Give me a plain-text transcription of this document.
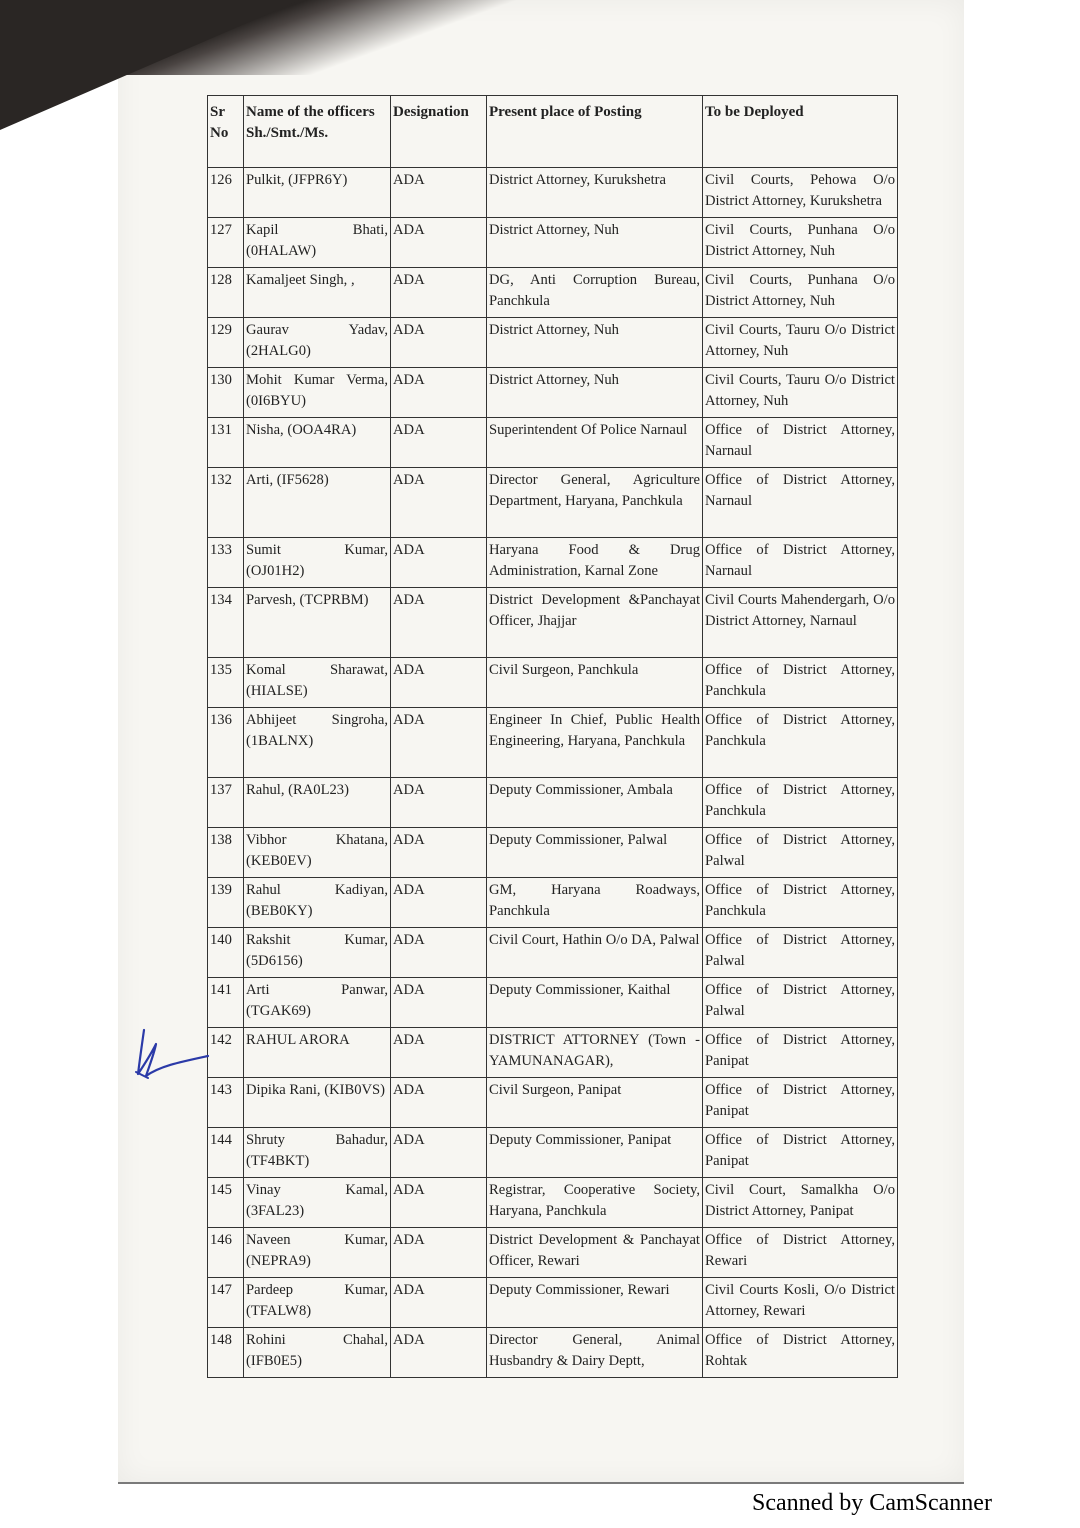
Sr No	Name of the officers Sh./Smt./Ms.	Designation	Present place of Posting	To be Deployed
126	Pulkit, (JFPR6Y)	ADA	District Attorney, Kurukshetra	Civil Courts, Pehowa O/o District Attorney, Kurukshetra
127	Kapil Bhati, (0HALAW)	ADA	District Attorney, Nuh	Civil Courts, Punhana O/o District Attorney, Nuh
128	Kamaljeet Singh, ,	ADA	DG, Anti Corruption Bureau, Panchkula	Civil Courts, Punhana O/o District Attorney, Nuh
129	Gaurav Yadav, (2HALG0)	ADA	District Attorney, Nuh	Civil Courts, Tauru O/o District Attorney, Nuh
130	Mohit Kumar Verma, (0I6BYU)	ADA	District Attorney, Nuh	Civil Courts, Tauru O/o District Attorney, Nuh
131	Nisha, (OOA4RA)	ADA	Superintendent Of Police Narnaul	Office of District Attorney, Narnaul
132	Arti, (IF5628)	ADA	Director General, Agriculture Department, Haryana, Panchkula	Office of District Attorney, Narnaul
133	Sumit Kumar, (OJ01H2)	ADA	Haryana Food & Drug Administration, Karnal Zone	Office of District Attorney, Narnaul
134	Parvesh, (TCPRBM)	ADA	District Development &Panchayat Officer, Jhajjar	Civil Courts Mahendergarh, O/o District Attorney, Narnaul
135	Komal Sharawat, (HIALSE)	ADA	Civil Surgeon, Panchkula	Office of District Attorney, Panchkula
136	Abhijeet Singroha, (1BALNX)	ADA	Engineer In Chief, Public Health Engineering, Haryana, Panchkula	Office of District Attorney, Panchkula
137	Rahul, (RA0L23)	ADA	Deputy Commissioner, Ambala	Office of District Attorney, Panchkula
138	Vibhor Khatana, (KEB0EV)	ADA	Deputy Commissioner, Palwal	Office of District Attorney, Palwal
139	Rahul Kadiyan, (BEB0KY)	ADA	GM, Haryana Roadways, Panchkula	Office of District Attorney, Panchkula
140	Rakshit Kumar, (5D6156)	ADA	Civil Court, Hathin O/o DA, Palwal	Office of District Attorney, Palwal
141	Arti Panwar, (TGAK69)	ADA	Deputy Commissioner, Kaithal	Office of District Attorney, Palwal
142	RAHUL ARORA	ADA	DISTRICT ATTORNEY (Town - YAMUNANAGAR),	Office of District Attorney, Panipat
143	Dipika Rani, (KIB0VS)	ADA	Civil Surgeon, Panipat	Office of District Attorney, Panipat
144	Shruty Bahadur, (TF4BKT)	ADA	Deputy Commissioner, Panipat	Office of District Attorney, Panipat
145	Vinay Kamal, (3FAL23)	ADA	Registrar, Cooperative Society, Haryana, Panchkula	Civil Court, Samalkha O/o District Attorney, Panipat
146	Naveen Kumar, (NEPRA9)	ADA	District Development & Panchayat Officer, Rewari	Office of District Attorney, Rewari
147	Pardeep Kumar, (TFALW8)	ADA	Deputy Commissioner, Rewari	Civil Courts Kosli, O/o District Attorney, Rewari
148	Rohini Chahal, (IFB0E5)	ADA	Director General, Animal Husbandry & Dairy Deptt,	Office of District Attorney, Rohtak
Scanned by CamScanner
